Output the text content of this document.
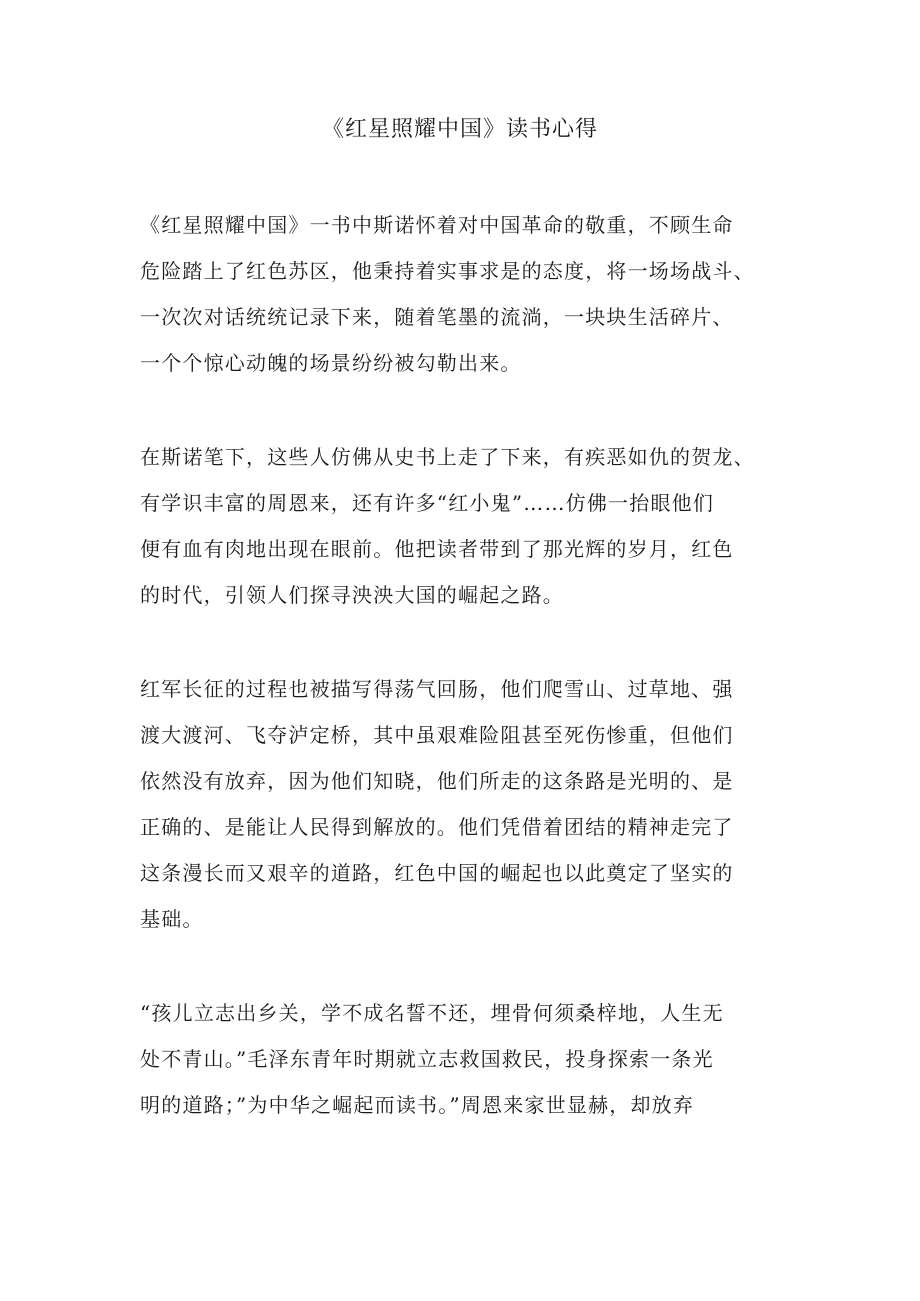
《红星照耀中国》读书心得

《红星照耀中国》一书中斯诺怀着对中国革命的敬重，不顾生命
危险踏上了红色苏区，他秉持着实事求是的态度，将一场场战斗、
一次次对话统统记录下来，随着笔墨的流淌，一块块生活碎片、
一个个惊心动魄的场景纷纷被勾勒出来。

在斯诺笔下，这些人仿佛从史书上走了下来，有疾恶如仇的贺龙、
有学识丰富的周恩来，还有许多“红小鬼”……仿佛一抬眼他们
便有血有肉地出现在眼前。他把读者带到了那光辉的岁月，红色
的时代，引领人们探寻泱泱大国的崛起之路。

红军长征的过程也被描写得荡气回肠，他们爬雪山、过草地、强
渡大渡河、飞夺泸定桥，其中虽艰难险阻甚至死伤惨重，但他们
依然没有放弃，因为他们知晓，他们所走的这条路是光明的、是
正确的、是能让人民得到解放的。他们凭借着团结的精神走完了
这条漫长而又艰辛的道路，红色中国的崛起也以此奠定了坚实的
基础。

“孩儿立志出乡关，学不成名誓不还，埋骨何须桑梓地，人生无
处不青山。”毛泽东青年时期就立志救国救民，投身探索一条光
明的道路；”为中华之崛起而读书。”周恩来家世显赫，却放弃
